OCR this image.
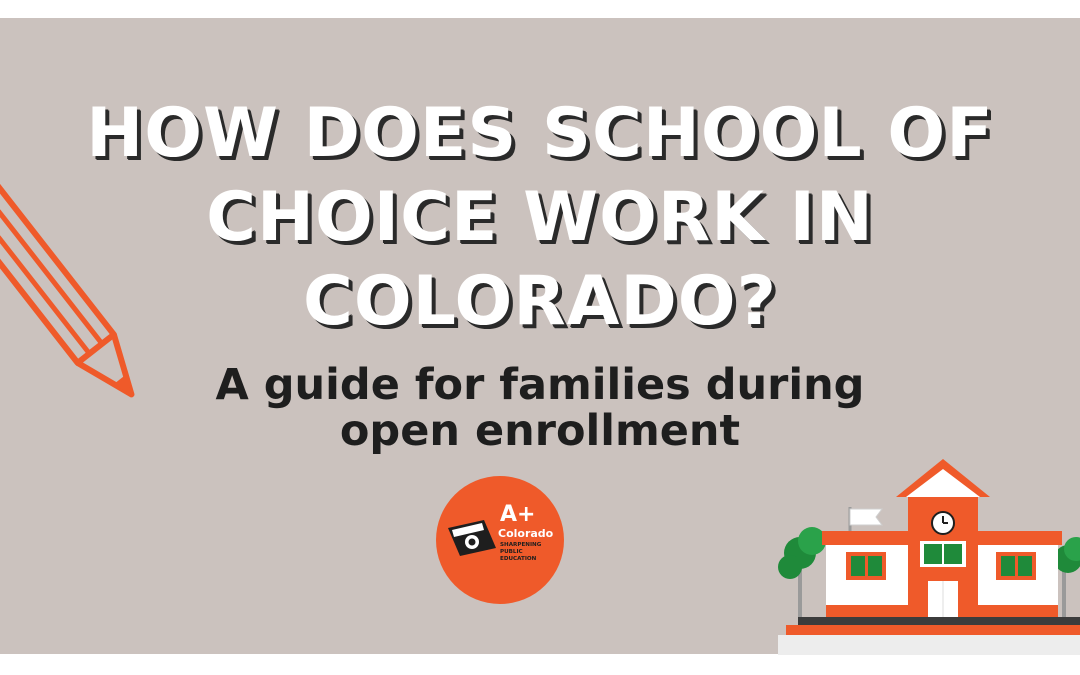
HOW DOES SCHOOL OF
CHOICE WORK IN
COLORADO?
A guide for families during
open enrollment
A+
Colorado
SHARPENING
PUBLIC
EDUCATION
